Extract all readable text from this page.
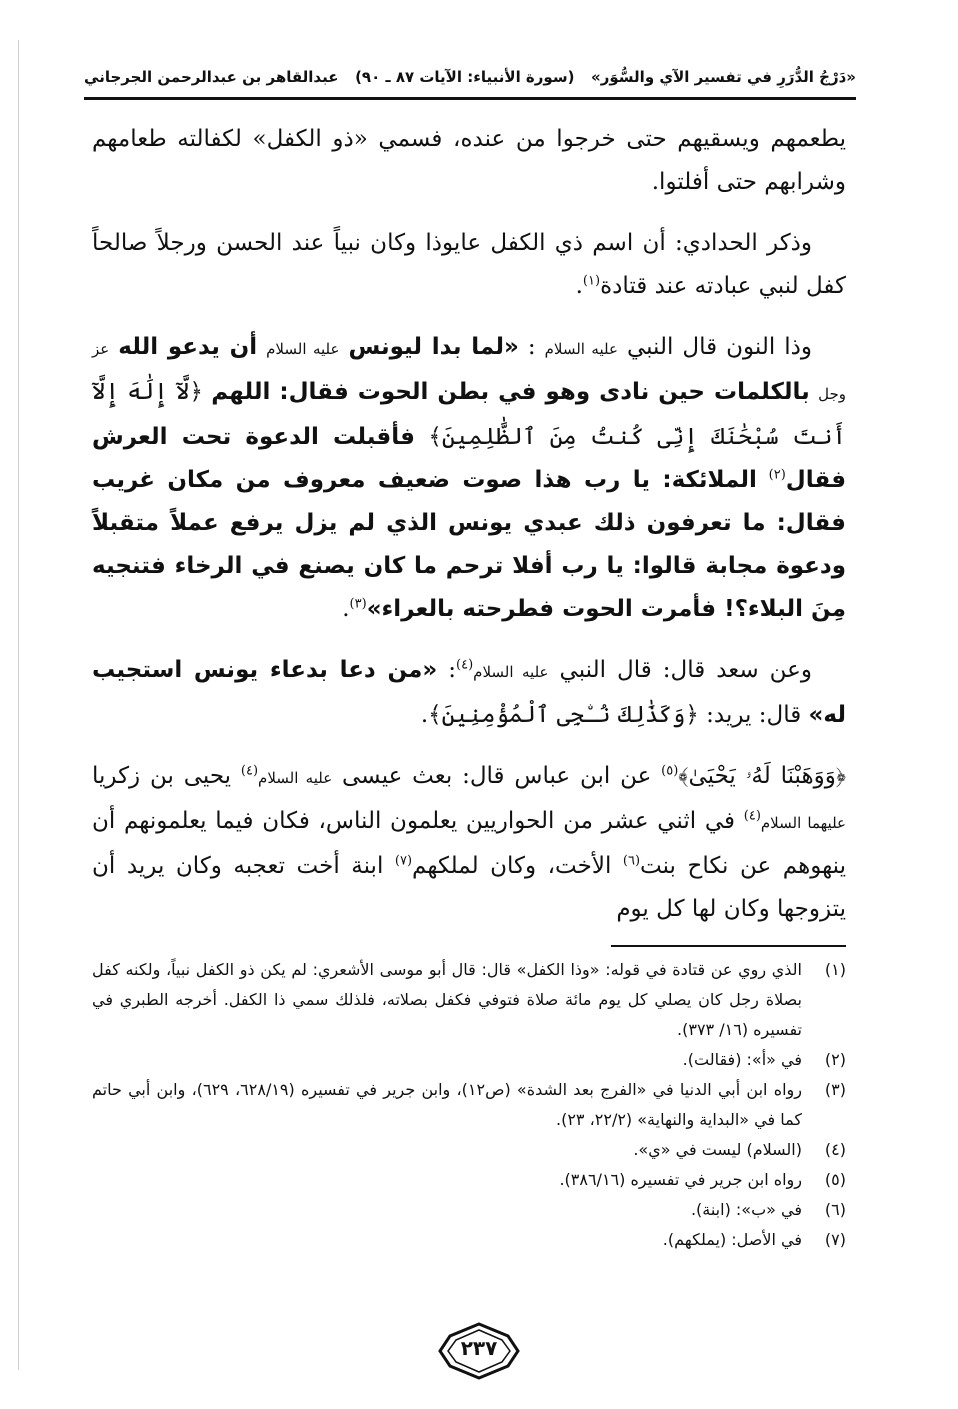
«دَرْجُ الدُّرَرِ في تفسير الآي والسُّوَر»
(سورة الأنبياء: الآيات ٨٧ ـ ٩٠)
عبدالقاهر بن عبدالرحمن الجرجاني

يطعمهم ويسقيهم حتى خرجوا من عنده، فسمي «ذو الكفل» لكفالته طعامهم وشرابهم حتى أفلتوا.

وذكر الحدادي: أن اسم ذي الكفل عايوذا وكان نبياً عند الحسن ورجلاً صالحاً كفل لنبي عبادته عند قتادة$^{(١)}$.

وذا النون قال النبي عليه السلام : «لما بدا ليونس عليه السلام أن يدعو الله عز وجل بالكلمات حين نادى وهو في بطن الحوت فقال: اللهم ﴿لَّآ إِلَٰهَ إِلَّآ أَنتَ سُبْحَٰنَكَ إِنِّى كُنتُ مِنَ ٱلظَّٰلِمِينَ﴾ فأقبلت الدعوة تحت العرش فقال$^{(٢)}$ الملائكة: يا رب هذا صوت ضعيف معروف من مكان غريب فقال: ما تعرفون ذلك عبدي يونس الذي لم يزل يرفع عملاً متقبلاً ودعوة مجابة قالوا: يا رب أفلا ترحم ما كان يصنع في الرخاء فتنجيه مِنَ البلاء؟! فأمرت الحوت فطرحته بالعراء»$^{(٣)}$.

وعن سعد قال: قال النبي عليه السلام$^{(٤)}$: «من دعا بدعاء يونس استجيب له» قال: يريد: ﴿وَكَذَٰلِكَ نُـۨجِى ٱلْمُؤْمِنِينَ﴾.

﴿وَوَهَبْنَا لَهُۥ يَحْيَىٰ﴾$^{(٥)}$ عن ابن عباس قال: بعث عيسى عليه السلام$^{(٤)}$ يحيى بن زكريا عليهما السلام$^{(٤)}$ في اثني عشر من الحواريين يعلمون الناس، فكان فيما يعلمونهم أن ينهوهم عن نكاح بنت$^{(٦)}$ الأخت، وكان لملكهم$^{(٧)}$ ابنة أخت تعجبه وكان يريد أن يتزوجها وكان لها كل يوم

(١)
الذي روي عن قتادة في قوله: «وذا الكفل» قال: قال أبو موسى الأشعري: لم يكن ذو الكفل نبياً، ولكنه كفل بصلاة رجل كان يصلي كل يوم مائة صلاة فتوفي فكفل بصلاته، فلذلك سمي ذا الكفل. أخرجه الطبري في تفسيره (١٦/ ٣٧٣).
(٢)
في «أ»: (فقالت).
(٣)
رواه ابن أبي الدنيا في «الفرج بعد الشدة» (ص١٢)، وابن جرير في تفسيره (٦٢٨/١٩، ٦٢٩)، وابن أبي حاتم كما في «البداية والنهاية» (٢٢/٢، ٢٣).
(٤)
(السلام) ليست في «ي».
(٥)
رواه ابن جرير في تفسيره (٣٨٦/١٦).
(٦)
في «ب»: (ابنة).
(٧)
في الأصل: (يملكهم).
٢٣٧
